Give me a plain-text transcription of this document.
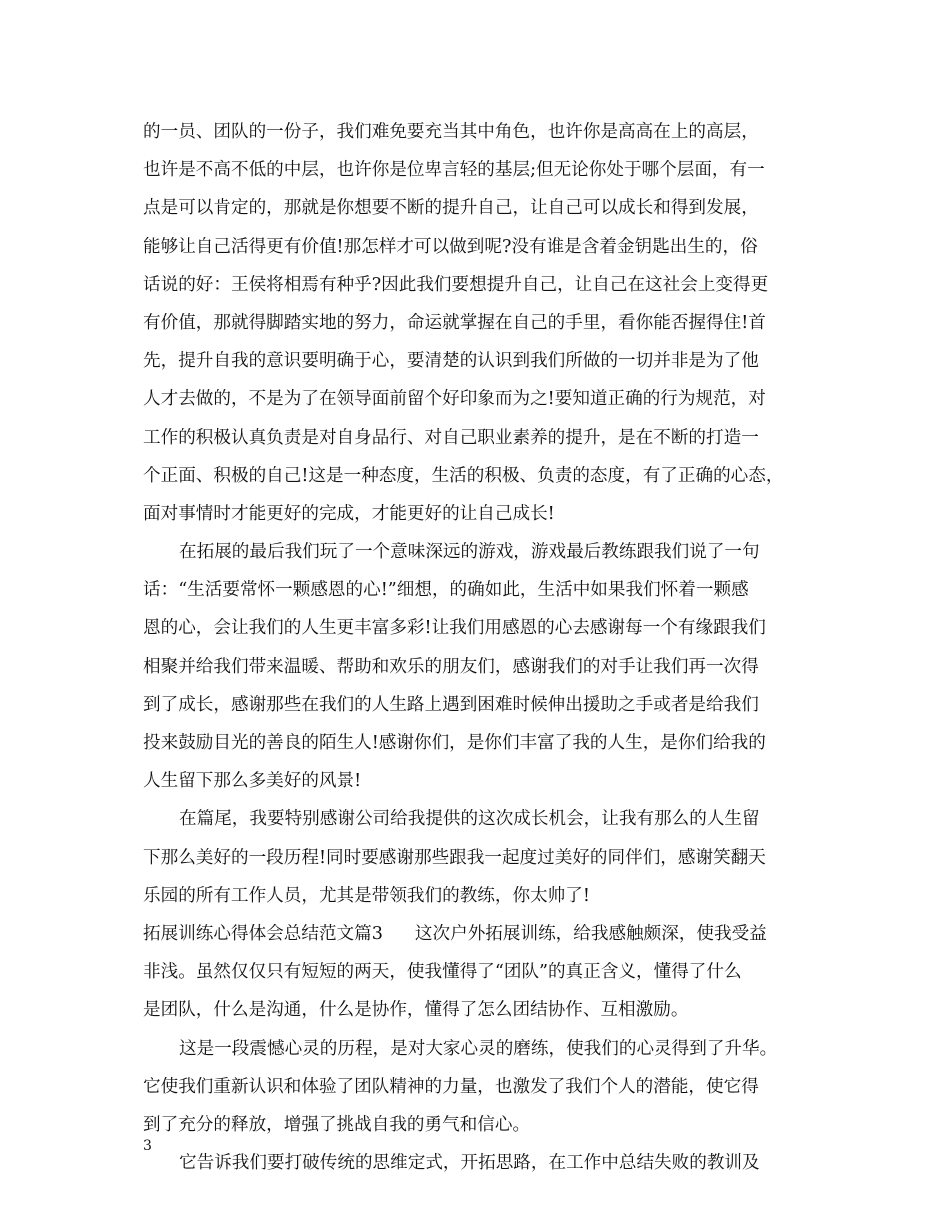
的一员、团队的一份子，我们难免要充当其中角色，也许你是高高在上的高层，
也许是不高不低的中层，也许你是位卑言轻的基层;但无论你处于哪个层面，有一
点是可以肯定的，那就是你想要不断的提升自己，让自己可以成长和得到发展，
能够让自己活得更有价值!那怎样才可以做到呢?没有谁是含着金钥匙出生的，俗
话说的好：王侯将相焉有种乎?因此我们要想提升自己，让自己在这社会上变得更
有价值，那就得脚踏实地的努力，命运就掌握在自己的手里，看你能否握得住!首
先，提升自我的意识要明确于心，要清楚的认识到我们所做的一切并非是为了他
人才去做的，不是为了在领导面前留个好印象而为之!要知道正确的行为规范，对
工作的积极认真负责是对自身品行、对自己职业素养的提升，是在不断的打造一
个正面、积极的自己!这是一种态度，生活的积极、负责的态度，有了正确的心态，
面对事情时才能更好的完成，才能更好的让自己成长!
在拓展的最后我们玩了一个意味深远的游戏，游戏最后教练跟我们说了一句
话：“生活要常怀一颗感恩的心!”细想，的确如此，生活中如果我们怀着一颗感
恩的心，会让我们的人生更丰富多彩!让我们用感恩的心去感谢每一个有缘跟我们
相聚并给我们带来温暖、帮助和欢乐的朋友们，感谢我们的对手让我们再一次得
到了成长，感谢那些在我们的人生路上遇到困难时候伸出援助之手或者是给我们
投来鼓励目光的善良的陌生人!感谢你们，是你们丰富了我的人生，是你们给我的
人生留下那么多美好的风景!
在篇尾，我要特别感谢公司给我提供的这次成长机会，让我有那么的人生留
下那么美好的一段历程!同时要感谢那些跟我一起度过美好的同伴们，感谢笑翻天
乐园的所有工作人员，尤其是带领我们的教练，你太帅了!
拓展训练心得体会总结范文篇3 这次户外拓展训练，给我感触颇深，使我受益
非浅。虽然仅仅只有短短的两天，使我懂得了“团队”的真正含义，懂得了什么
是团队，什么是沟通，什么是协作，懂得了怎么团结协作、互相激励。
这是一段震憾心灵的历程，是对大家心灵的磨练，使我们的心灵得到了升华。
它使我们重新认识和体验了团队精神的力量，也激发了我们个人的潜能，使它得
到了充分的释放，增强了挑战自我的勇气和信心。
它告诉我们要打破传统的思维定式，开拓思路，在工作中总结失败的教训及
3
